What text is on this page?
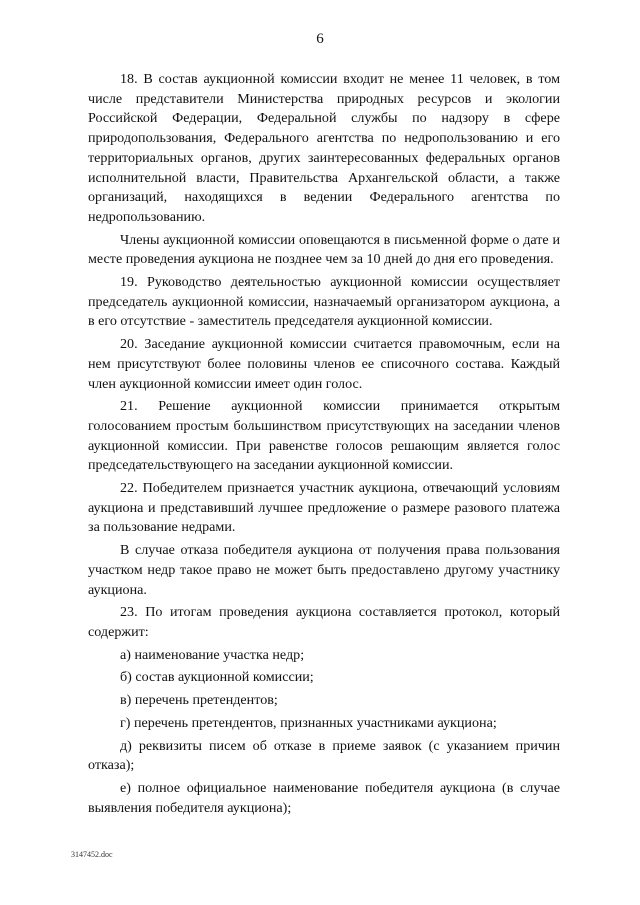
6

18. В состав аукционной комиссии входит не менее 11 человек, в том числе представители Министерства природных ресурсов и экологии Российской Федерации, Федеральной службы по надзору в сфере природопользования, Федерального агентства по недропользованию и его территориальных органов, других заинтересованных федеральных органов исполнительной власти, Правительства Архангельской области, а также организаций, находящихся в ведении Федерального агентства по недропользованию.

Члены аукционной комиссии оповещаются в письменной форме о дате и месте проведения аукциона не позднее чем за 10 дней до дня его проведения.

19. Руководство деятельностью аукционной комиссии осуществляет председатель аукционной комиссии, назначаемый организатором аукциона, а в его отсутствие - заместитель председателя аукционной комиссии.

20. Заседание аукционной комиссии считается правомочным, если на нем присутствуют более половины членов ее списочного состава. Каждый член аукционной комиссии имеет один голос.

21. Решение аукционной комиссии принимается открытым голосованием простым большинством присутствующих на заседании членов аукционной комиссии. При равенстве голосов решающим является голос председательствующего на заседании аукционной комиссии.

22. Победителем признается участник аукциона, отвечающий условиям аукциона и представивший лучшее предложение о размере разового платежа за пользование недрами.

В случае отказа победителя аукциона от получения права пользования участком недр такое право не может быть предоставлено другому участнику аукциона.

23. По итогам проведения аукциона составляется протокол, который содержит:

а) наименование участка недр;

б) состав аукционной комиссии;

в) перечень претендентов;

г) перечень претендентов, признанных участниками аукциона;

д) реквизиты писем об отказе в приеме заявок (с указанием причин отказа);

е) полное официальное наименование победителя аукциона (в случае выявления победителя аукциона);

3147452.doc
